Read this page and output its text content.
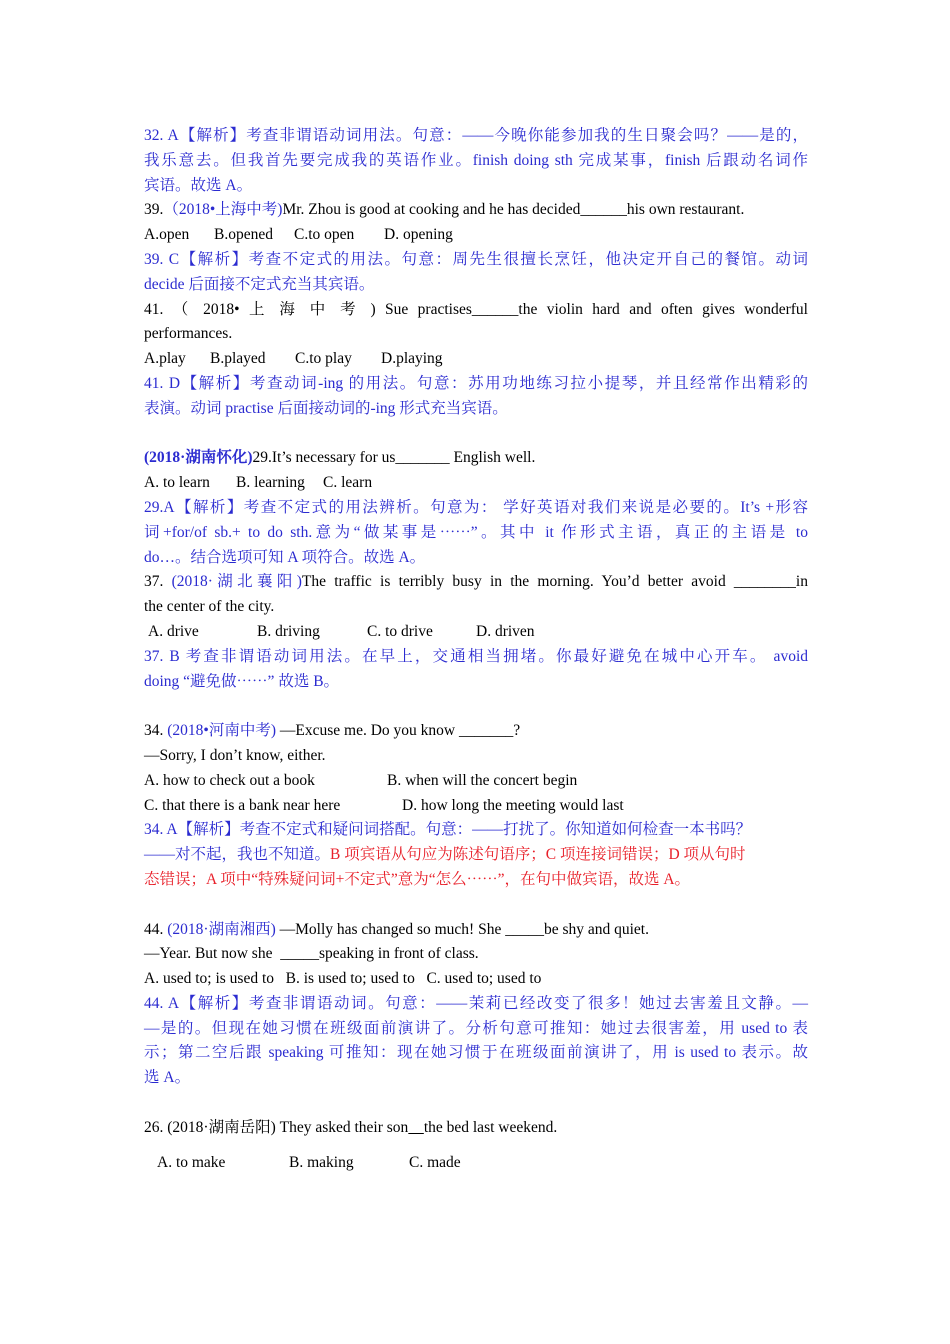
32. A【解析】考查非谓语动词用法。句意：——今晚你能参加我的生日聚会吗？——是的，
我乐意去。但我首先要完成我的英语作业。finish doing sth 完成某事，finish 后跟动名词作
宾语。故选 A。
39.（2018•上海中考)Mr. Zhou is good at cooking and he has decided______his own restaurant.
A.open B.opened C.to open D. opening
39. C【解析】考查不定式的用法。句意：周先生很擅长烹饪，他决定开自己的餐馆。动词
decide 后面接不定式充当其宾语。
41. （ 2018• 上 海 中 考 ) Sue practises______the violin hard and often gives wonderful
performances.
A.play B.played C.to play D.playing
41. D【解析】考查动词-ing 的用法。句意：苏用功地练习拉小提琴，并且经常作出精彩的
表演。动词 practise 后面接动词的-ing 形式充当宾语。
(2018·湖南怀化)29.It’s necessary for us_______ English well.
A. to learn B. learning C. learn
29.A【解析】考查不定式的用法辨析。句意为： 学好英语对我们来说是必要的。It’s +形容
词+for/of sb.+ to do sth.意为“做某事是⋯⋯”。其中 it 作形式主语，真正的主语是 to
do…。结合选项可知 A 项符合。故选 A。
37. (2018·湖北襄阳)The traffic is terribly busy in the morning. You’d better avoid ________in
the center of the city.
A. drive	B. driving	C. to drive	D. driven
37. B 考查非谓语动词用法。在早上，交通相当拥堵。你最好避免在城中心开车。 avoid
doing “避免做⋯⋯” 故选 B。
34. (2018•河南中考) —Excuse me. Do you know _______?
—Sorry, I don’t know, either.
A. how to check out a book	B. when will the concert begin
C. that there is a bank near here	D. how long the meeting would last
34. A【解析】考查不定式和疑问词搭配。句意：——打扰了。你知道如何检查一本书吗？
——对不起，我也不知道。B 项宾语从句应为陈述句语序；C 项连接词错误；D 项从句时
态错误；A 项中“特殊疑问词+不定式”意为“怎么⋯⋯”，在句中做宾语，故选 A。
44. (2018·湖南湘西) —Molly has changed so much! She _____be shy and quiet.
—Year. But now she  _____speaking in front of class.
A. used to; is used to   B. is used to; used to   C. used to; used to
44. A【解析】考查非谓语动词。句意：——茉莉已经改变了很多！她过去害羞且文静。—
—是的。但现在她习惯在班级面前演讲了。分析句意可推知：她过去很害羞，用 used to 表
示；第二空后跟 speaking 可推知：现在她习惯于在班级面前演讲了，用 is used to 表示。故
选 A。
26. (2018·湖南岳阳) They asked their son the bed last weekend.
A. to make	B. making	C. made
